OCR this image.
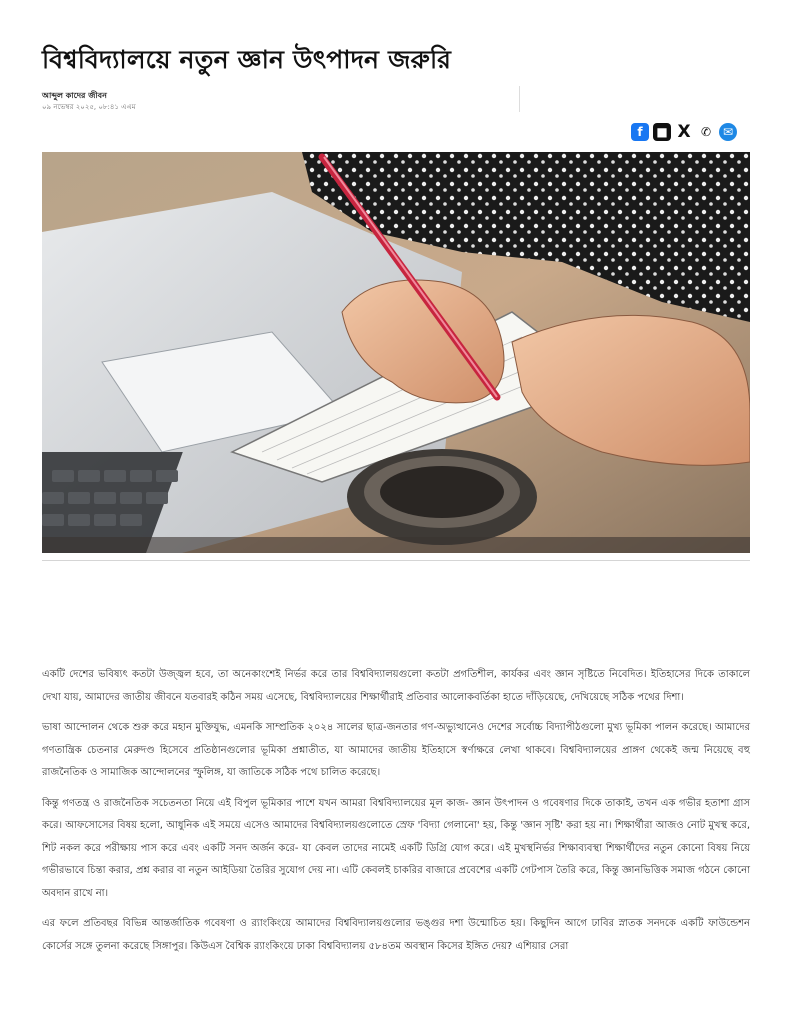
বিশ্ববিদ্যালয়ে নতুন জ্ঞান উৎপাদন জরুরি
আব্দুল কাদের জীবন
০৯ নভেম্বর ২০২৫, ০৮:৪১ এএম
f	■ X ✆ ✉

একটি দেশের ভবিষ্যৎ কতটা উজ্জ্বল হবে, তা অনেকাংশেই নির্ভর করে তার বিশ্ববিদ্যালয়গুলো কতটা প্রগতিশীল, কার্যকর এবং জ্ঞান সৃষ্টিতে নিবেদিত। ইতিহাসের দিকে তাকালে দেখা যায়, আমাদের জাতীয় জীবনে যতবারই কঠিন সময় এসেছে, বিশ্ববিদ্যালয়ের শিক্ষার্থীরাই প্রতিবার আলোকবর্তিকা হাতে দাঁড়িয়েছে, দেখিয়েছে সঠিক পথের দিশা।

ভাষা আন্দোলন থেকে শুরু করে মহান মুক্তিযুদ্ধ, এমনকি সাম্প্রতিক ২০২৪ সালের ছাত্র-জনতার গণ-অভ্যুত্থানেও দেশের সর্বোচ্চ বিদ্যাপীঠগুলো মুখ্য ভূমিকা পালন করেছে। আমাদের গণতান্ত্রিক চেতনার মেরুদণ্ড হিসেবে প্রতিষ্ঠানগুলোর ভূমিকা প্রশ্নাতীত, যা আমাদের জাতীয় ইতিহাসে স্বর্ণাক্ষরে লেখা থাকবে। বিশ্ববিদ্যালয়ের প্রাঙ্গণ থেকেই জন্ম নিয়েছে বহু রাজনৈতিক ও সামাজিক আন্দোলনের স্ফুলিঙ্গ, যা জাতিকে সঠিক পথে চালিত করেছে।

কিন্তু গণতন্ত্র ও রাজনৈতিক সচেতনতা নিয়ে এই বিপুল ভূমিকার পাশে যখন আমরা বিশ্ববিদ্যালয়ের মূল কাজ- জ্ঞান উৎপাদন ও গবেষণার দিকে তাকাই, তখন এক গভীর হতাশা গ্রাস করে। আফসোসের বিষয় হলো, আধুনিক এই সময়ে এসেও আমাদের বিশ্ববিদ্যালয়গুলোতে স্রেফ 'বিদ্যা গেলানো' হয়, কিন্তু 'জ্ঞান সৃষ্টি' করা হয় না। শিক্ষার্থীরা আজও নোট মুখস্থ করে, শিট নকল করে পরীক্ষায় পাস করে এবং একটি সনদ অর্জন করে- যা কেবল তাদের নামেই একটি ডিগ্রি যোগ করে। এই মুখস্থনির্ভর শিক্ষাব্যবস্থা শিক্ষার্থীদের নতুন কোনো বিষয় নিয়ে গভীরভাবে চিন্তা করার, প্রশ্ন করার বা নতুন আইডিয়া তৈরির সুযোগ দেয় না। এটি কেবলই চাকরির বাজারে প্রবেশের একটি গেটপাস তৈরি করে, কিন্তু জ্ঞানভিত্তিক সমাজ গঠনে কোনো অবদান রাখে না।

এর ফলে প্রতিবছর বিভিন্ন আন্তর্জাতিক গবেষণা ও র‍্যাংকিংয়ে আমাদের বিশ্ববিদ্যালয়গুলোর ভঙ্গুর দশা উন্মোচিত হয়। কিছুদিন আগে ঢাবির স্নাতক সনদকে একটি ফাউন্ডেশন কোর্সের সঙ্গে তুলনা করেছে সিঙ্গাপুর। কিউএস বৈশ্বিক র‍্যাংকিংয়ে ঢাকা বিশ্ববিদ্যালয় ৫৮৪তম অবস্থান কিসের ইঙ্গিত দেয়? এশিয়ার সেরা
